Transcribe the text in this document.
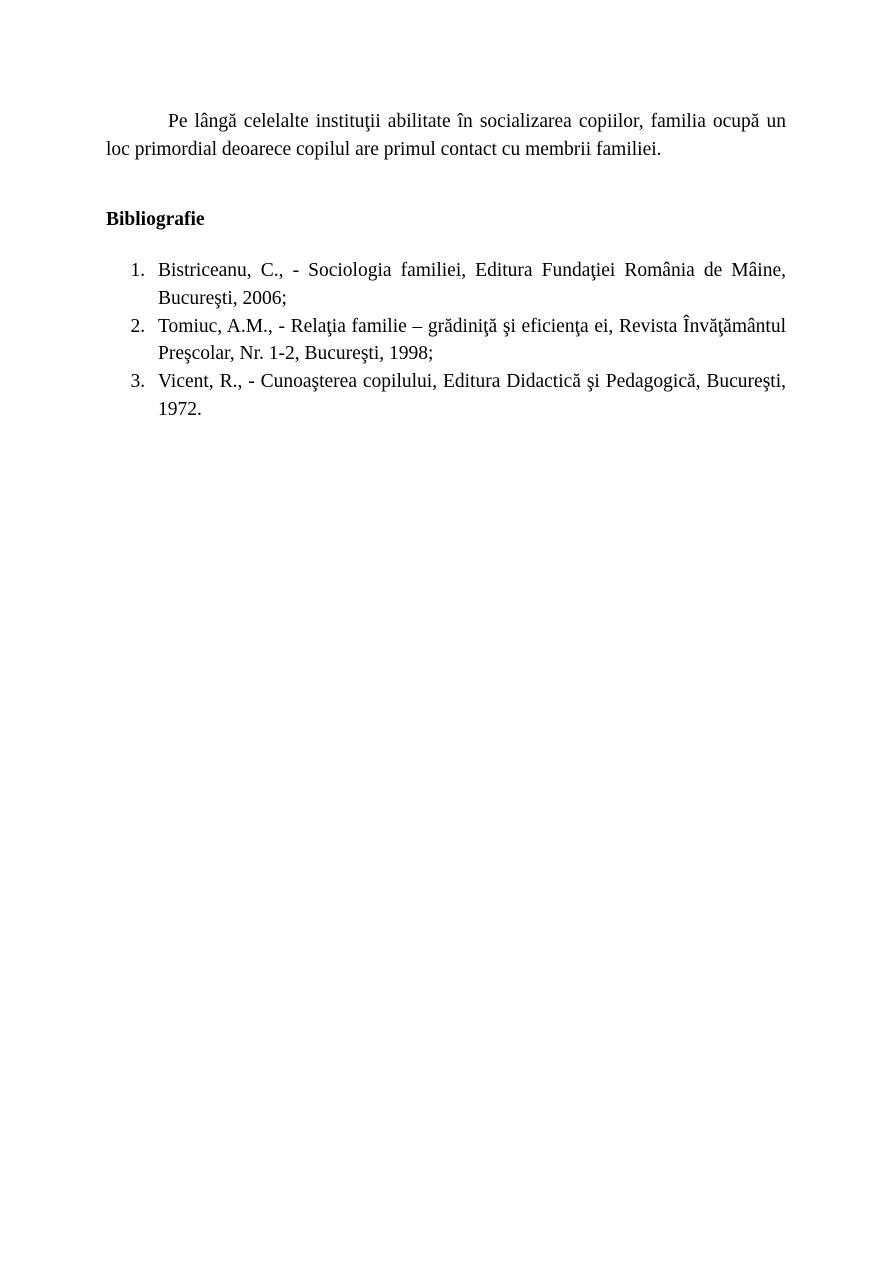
Pe lângă celelalte instituţii abilitate în socializarea copiilor, familia ocupă un loc primordial deoarece copilul are primul contact cu membrii familiei.

Bibliografie
1. Bistriceanu, C., - Sociologia familiei, Editura Fundaţiei România de Mâine, Bucureşti, 2006;
2. Tomiuc, A.M., - Relaţia familie – grădiniţă şi eficienţa ei, Revista Învăţământul Preşcolar, Nr. 1-2, Bucureşti, 1998;
3. Vicent, R., - Cunoaşterea copilului, Editura Didactică şi Pedagogică, Bucureşti, 1972.
